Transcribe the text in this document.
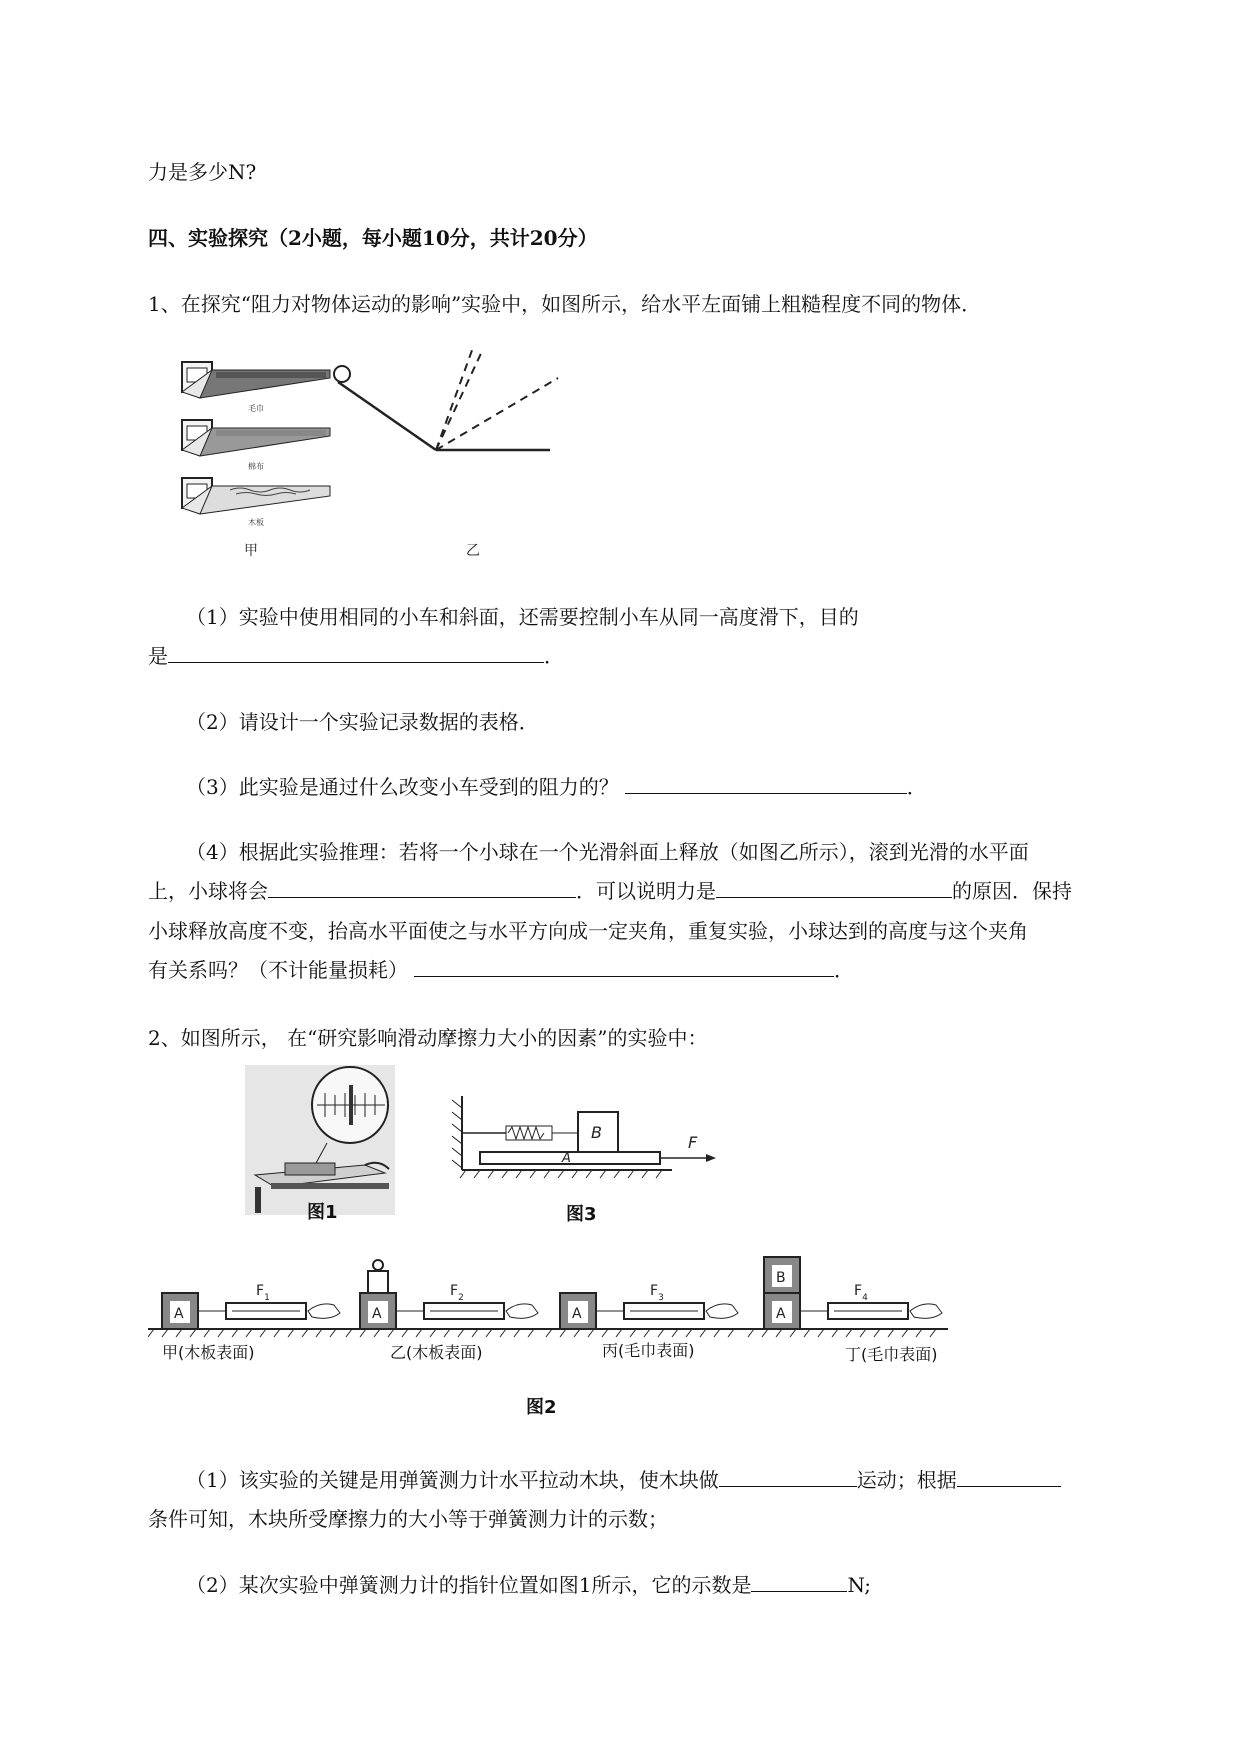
力是多少N?
四、实验探究（2小题，每小题10分，共计20分）
1、在探究“阻力对物体运动的影响”实验中，如图所示，给水平左面铺上粗糙程度不同的物体．
毛巾
棉布
木板
甲	乙
（1）实验中使用相同的小车和斜面，还需要控制小车从同一高度滑下，目的
是	．
（2）请设计一个实验记录数据的表格．
（3）此实验是通过什么改变小车受到的阻力的？	．
（4）根据此实验推理：若将一个小球在一个光滑斜面上释放（如图乙所示），滚到光滑的水平面
上，小球将会	．可以说明力是	的原因．保持
小球释放高度不变，抬高水平面使之与水平方向成一定夹角，重复实验，小球达到的高度与这个夹角
有关系吗？（不计能量损耗）	．
2、如图所示， 在“研究影响滑动摩擦力大小的因素”的实验中：
图1
B
A
F
图3
A
$F_1$
A
$F_2$
A
$F_3$
B
A
$F_4$
甲(木板表面)	乙(木板表面)	丙(毛巾表面)	丁(毛巾表面)
图2
（1）该实验的关键是用弹簧测力计水平拉动木块，使木块做	运动；根据
条件可知，木块所受摩擦力的大小等于弹簧测力计的示数；
（2）某次实验中弹簧测力计的指针位置如图1所示，它的示数是	N;
